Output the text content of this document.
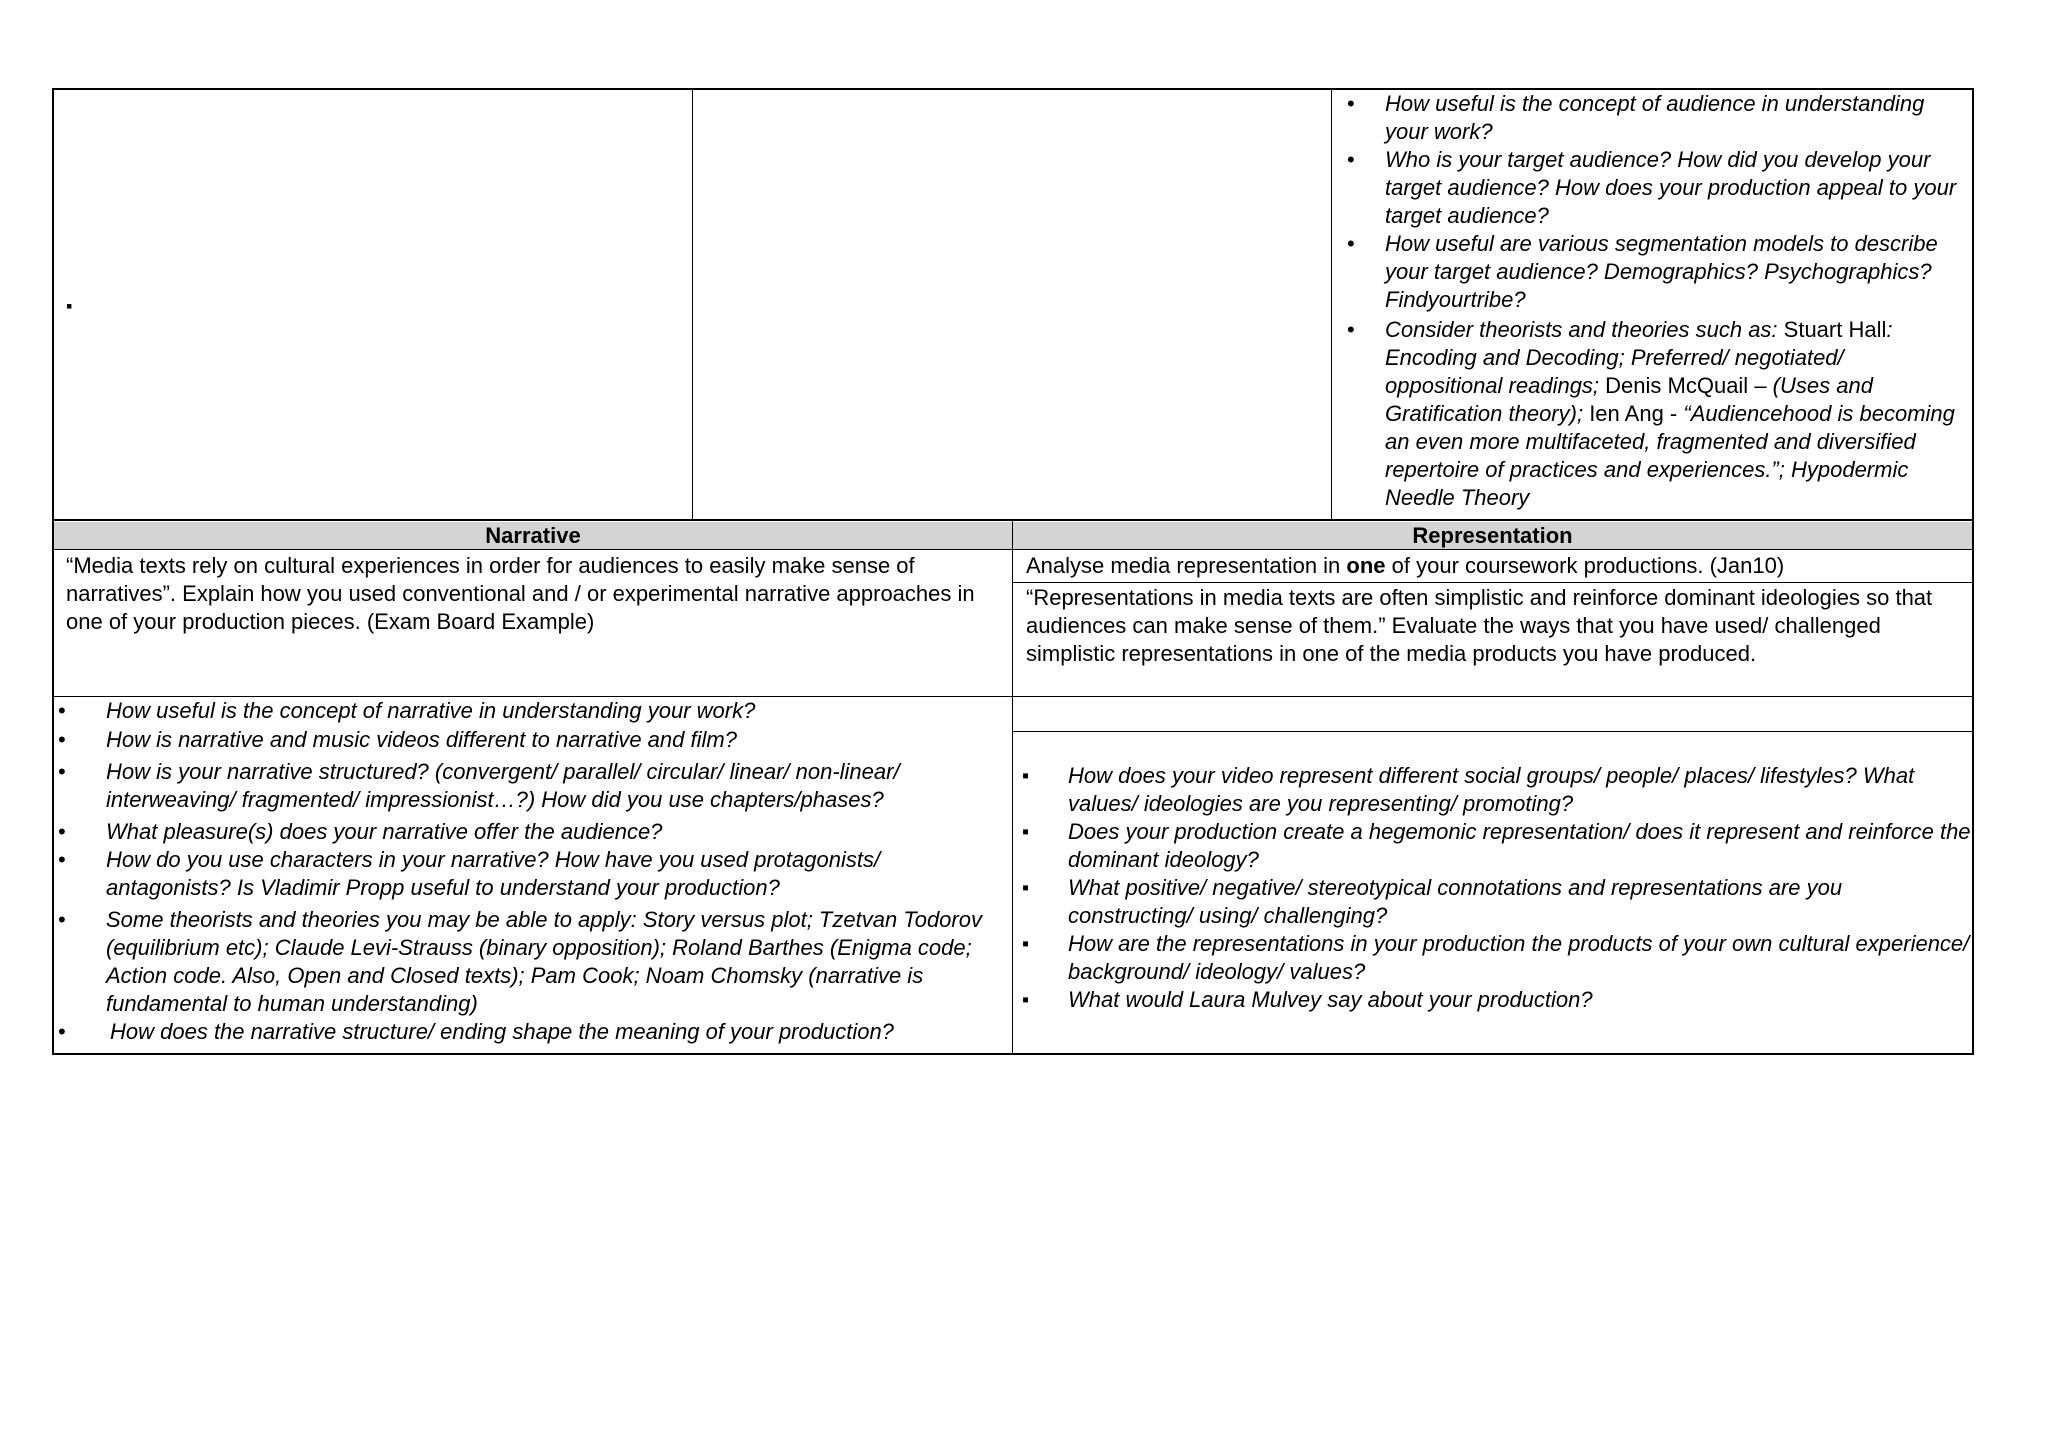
▪
• How useful is the concept of audience in understanding your work?
• Who is your target audience? How did you develop your target audience? How does your production appeal to your target audience?
• How useful are various segmentation models to describe your target audience? Demographics? Psychographics? Findyourtribe?
• Consider theorists and theories such as: Stuart Hall: Encoding and Decoding; Preferred/ negotiated/ oppositional readings; Denis McQuail – (Uses and Gratification theory); Ien Ang - “Audiencehood is becoming an even more multifaceted, fragmented and diversified repertoire of practices and experiences.”; Hypodermic Needle Theory
Narrative	Representation
“Media texts rely on cultural experiences in order for audiences to easily make sense of narratives”. Explain how you used conventional and / or experimental narrative approaches in one of your production pieces. (Exam Board Example)
Analyse media representation in one of your coursework productions. (Jan10)
“Representations in media texts are often simplistic and reinforce dominant ideologies so that audiences can make sense of them.” Evaluate the ways that you have used/ challenged simplistic representations in one of the media products you have produced.
• How useful is the concept of narrative in understanding your work?
• How is narrative and music videos different to narrative and film?
• How is your narrative structured? (convergent/ parallel/ circular/ linear/ non-linear/ interweaving/ fragmented/ impressionist…?) How did you use chapters/phases?
• What pleasure(s) does your narrative offer the audience?
• How do you use characters in your narrative? How have you used protagonists/ antagonists? Is Vladimir Propp useful to understand your production?
• Some theorists and theories you may be able to apply: Story versus plot; Tzetvan Todorov (equilibrium etc); Claude Levi-Strauss (binary opposition); Roland Barthes (Enigma code; Action code. Also, Open and Closed texts); Pam Cook; Noam Chomsky (narrative is fundamental to human understanding)
• How does the narrative structure/ ending shape the meaning of your production?
▪ How does your video represent different social groups/ people/ places/ lifestyles? What values/ ideologies are you representing/ promoting?
▪ Does your production create a hegemonic representation/ does it represent and reinforce the dominant ideology?
▪ What positive/ negative/ stereotypical connotations and representations are you constructing/ using/ challenging?
▪ How are the representations in your production the products of your own cultural experience/ background/ ideology/ values?
▪ What would Laura Mulvey say about your production?
